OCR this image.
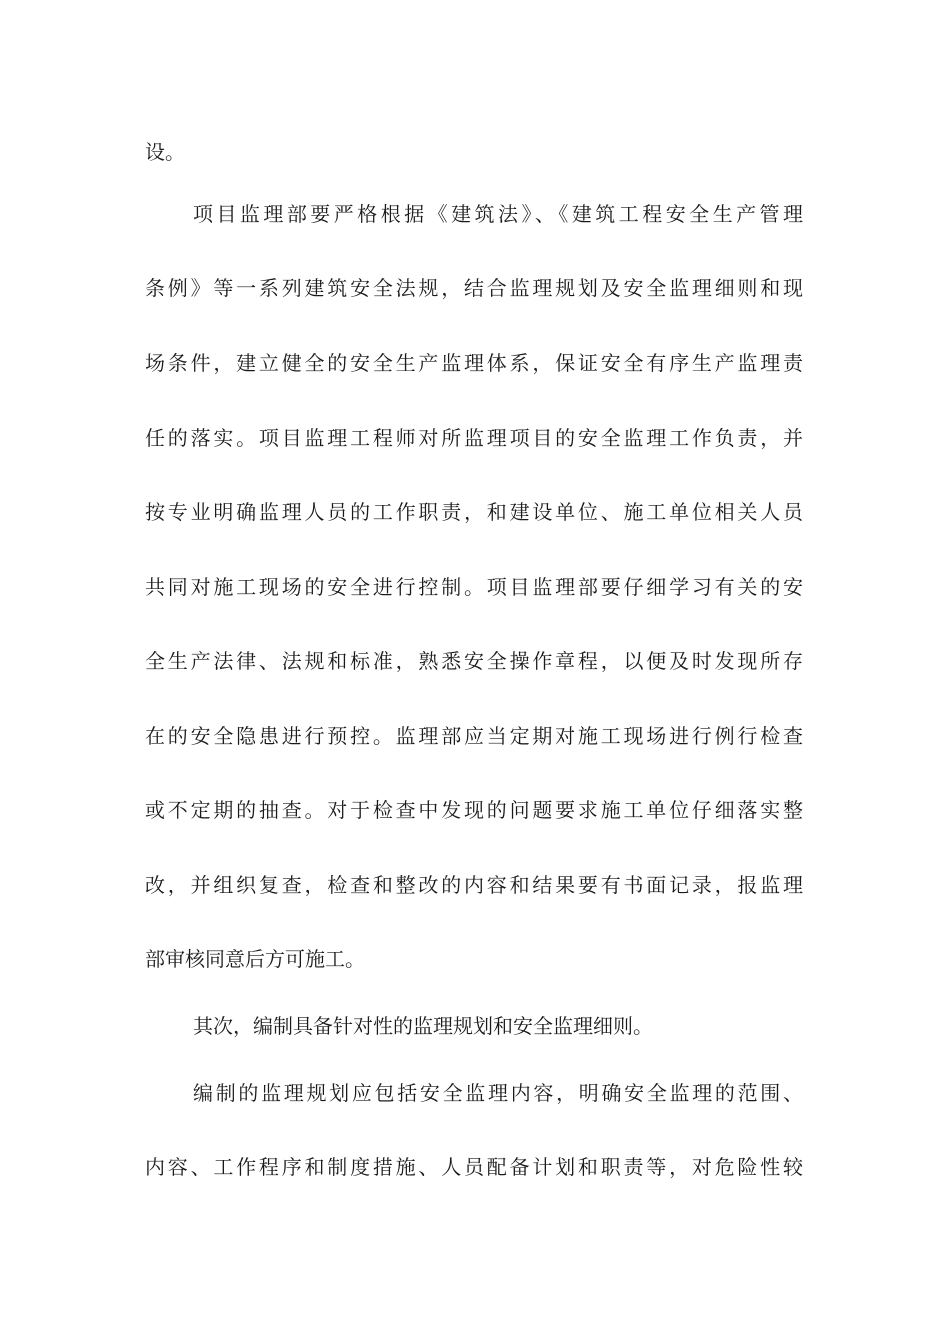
设。

项目监理部要严格根据《建筑法》、《建筑工程安全生产管理

条例》等一系列建筑安全法规，结合监理规划及安全监理细则和现

场条件，建立健全的安全生产监理体系，保证安全有序生产监理责

任的落实。项目监理工程师对所监理项目的安全监理工作负责，并

按专业明确监理人员的工作职责，和建设单位、施工单位相关人员

共同对施工现场的安全进行控制。项目监理部要仔细学习有关的安

全生产法律、法规和标准，熟悉安全操作章程，以便及时发现所存

在的安全隐患进行预控。监理部应当定期对施工现场进行例行检查

或不定期的抽查。对于检查中发现的问题要求施工单位仔细落实整

改，并组织复查，检查和整改的内容和结果要有书面记录，报监理

部审核同意后方可施工。

其次，编制具备针对性的监理规划和安全监理细则。

编制的监理规划应包括安全监理内容，明确安全监理的范围、

内容、工作程序和制度措施、人员配备计划和职责等，对危险性较
